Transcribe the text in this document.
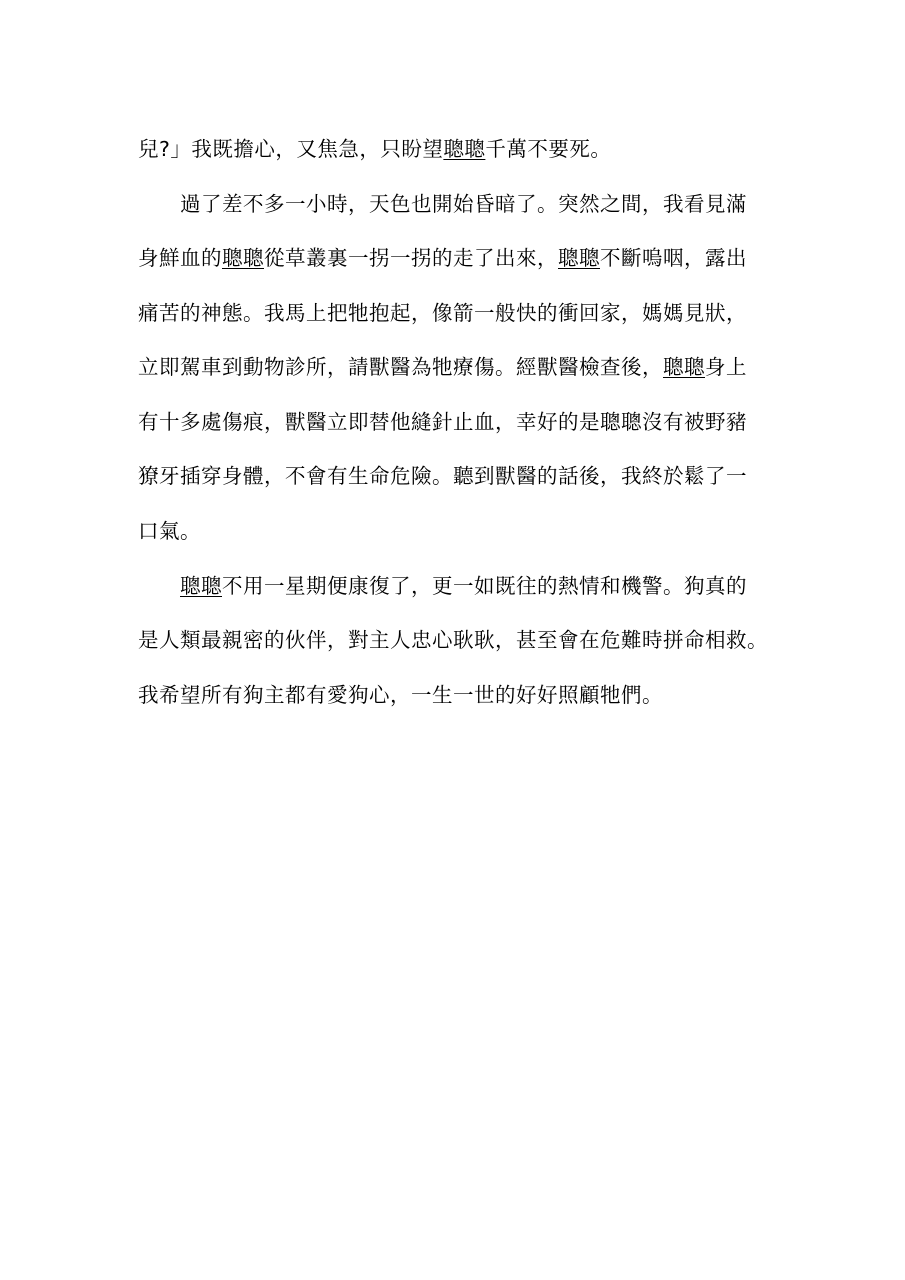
兒?」我既擔心，又焦急，只盼望聰聰千萬不要死。
過了差不多一小時，天色也開始昏暗了。突然之間，我看見滿
身鮮血的聰聰從草叢裏一拐一拐的走了出來，聰聰不斷嗚咽，露出
痛苦的神態。我馬上把牠抱起，像箭一般快的衝回家，媽媽見狀，
立即駕車到動物診所，請獸醫為牠療傷。經獸醫檢查後，聰聰身上
有十多處傷痕，獸醫立即替他縫針止血，幸好的是聰聰沒有被野豬
獠牙插穿身體，不會有生命危險。聽到獸醫的話後，我終於鬆了一
口氣。
聰聰不用一星期便康復了，更一如既往的熱情和機警。狗真的
是人類最親密的伙伴，對主人忠心耿耿，甚至會在危難時拼命相救。
我希望所有狗主都有愛狗心，一生一世的好好照顧牠們。
